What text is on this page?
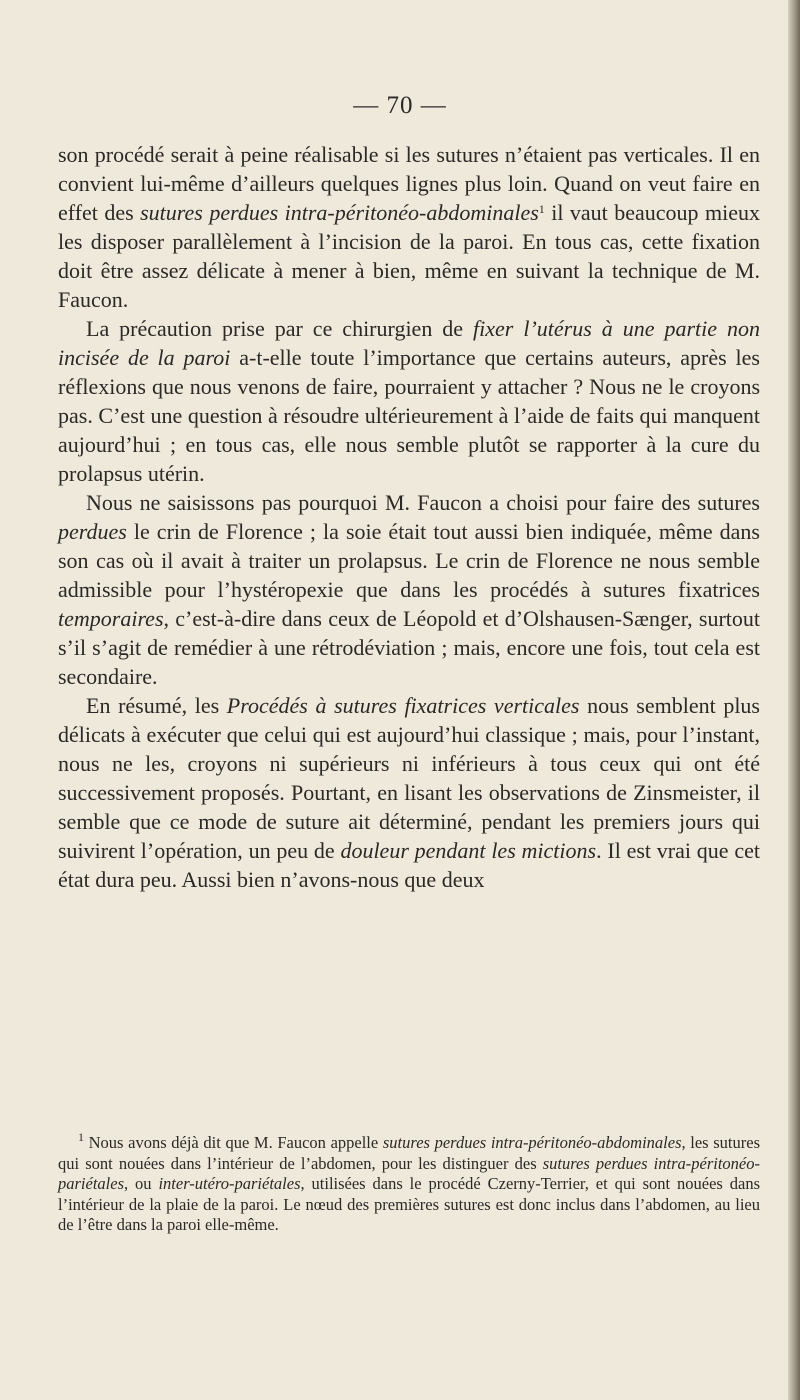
— 70 —

son procédé serait à peine réalisable si les sutures n’étaient pas verticales. Il en convient lui-même d’ailleurs quelques lignes plus loin. Quand on veut faire en effet des sutures perdues intra-péritonéo-abdominales$^1$ il vaut beaucoup mieux les disposer parallèlement à l’incision de la paroi. En tous cas, cette fixation doit être assez délicate à mener à bien, même en suivant la technique de M. Faucon.

La précaution prise par ce chirurgien de fixer l’utérus à une partie non incisée de la paroi a-t-elle toute l’importance que certains auteurs, après les réflexions que nous venons de faire, pourraient y attacher ? Nous ne le croyons pas. C’est une question à résoudre ultérieurement à l’aide de faits qui manquent aujourd’hui ; en tous cas, elle nous semble plutôt se rapporter à la cure du prolapsus utérin.

Nous ne saisissons pas pourquoi M. Faucon a choisi pour faire des sutures perdues le crin de Florence ; la soie était tout aussi bien indiquée, même dans son cas où il avait à traiter un prolapsus. Le crin de Florence ne nous semble admissible pour l’hystéropexie que dans les procédés à sutures fixatrices temporaires, c’est-à-dire dans ceux de Léopold et d’Olshausen-Sænger, surtout s’il s’agit de remédier à une rétrodéviation ; mais, encore une fois, tout cela est secondaire.

En résumé, les Procédés à sutures fixatrices verticales nous semblent plus délicats à exécuter que celui qui est aujourd’hui classique ; mais, pour l’instant, nous ne les, croyons ni supérieurs ni inférieurs à tous ceux qui ont été successivement proposés. Pourtant, en lisant les observations de Zinsmeister, il semble que ce mode de suture ait déterminé, pendant les premiers jours qui suivirent l’opération, un peu de douleur pendant les mictions. Il est vrai que cet état dura peu. Aussi bien n’avons-nous que deux

$^1$ Nous avons déjà dit que M. Faucon appelle sutures perdues intra-péritonéo-abdominales, les sutures qui sont nouées dans l’intérieur de l’abdomen, pour les distinguer des sutures perdues intra-péritonéo-pariétales, ou inter-utéro-pariétales, utilisées dans le procédé Czerny-Terrier, et qui sont nouées dans l’intérieur de la plaie de la paroi. Le nœud des premières sutures est donc inclus dans l’abdomen, au lieu de l’être dans la paroi elle-même.
